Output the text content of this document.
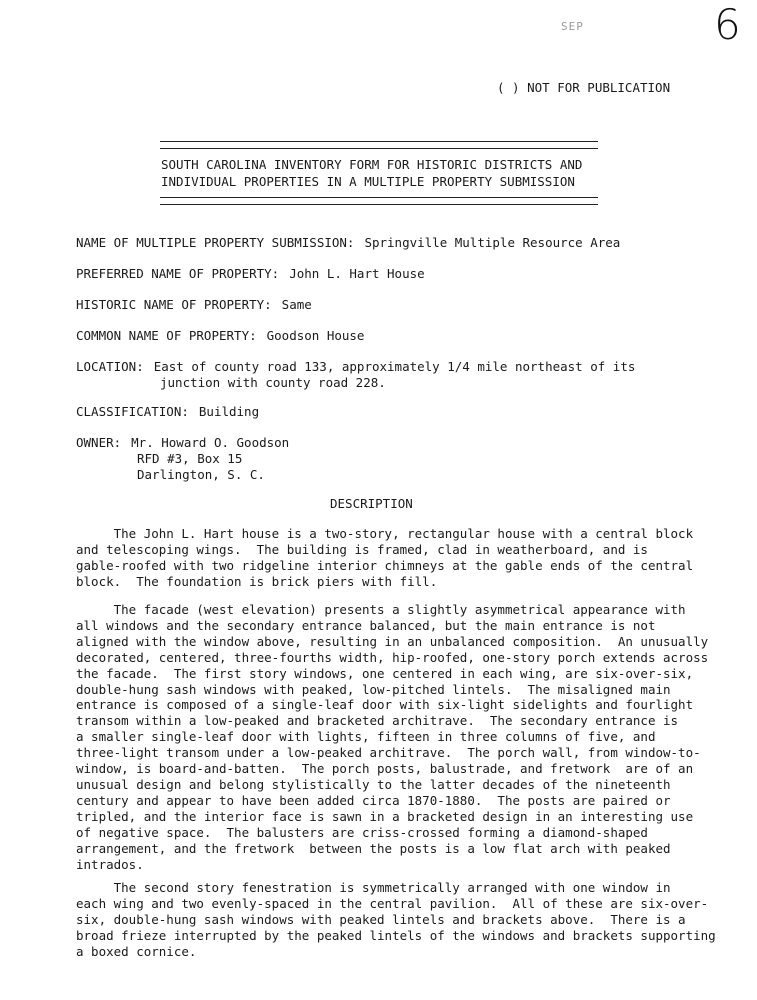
SEP	6
( ) NOT FOR PUBLICATION
SOUTH CAROLINA INVENTORY FORM FOR HISTORIC DISTRICTS AND
INDIVIDUAL PROPERTIES IN A MULTIPLE PROPERTY SUBMISSION
NAME OF MULTIPLE PROPERTY SUBMISSION: Springville Multiple Resource Area
PREFERRED NAME OF PROPERTY: John L. Hart House
HISTORIC NAME OF PROPERTY: Same
COMMON NAME OF PROPERTY: Goodson House
LOCATION: East of county road 133, approximately 1/4 mile northeast of its
junction with county road 228.
CLASSIFICATION: Building
OWNER: Mr. Howard O. Goodson
RFD #3, Box 15
Darlington, S. C.
DESCRIPTION
The John L. Hart house is a two-story, rectangular house with a central block
and telescoping wings.  The building is framed, clad in weatherboard, and is
gable-roofed with two ridgeline interior chimneys at the gable ends of the central
block.  The foundation is brick piers with fill.
The facade (west elevation) presents a slightly asymmetrical appearance with
all windows and the secondary entrance balanced, but the main entrance is not
aligned with the window above, resulting in an unbalanced composition.  An unusually
decorated, centered, three-fourths width, hip-roofed, one-story porch extends across
the facade.  The first story windows, one centered in each wing, are six-over-six,
double-hung sash windows with peaked, low-pitched lintels.  The misaligned main
entrance is composed of a single-leaf door with six-light sidelights and fourlight
transom within a low-peaked and bracketed architrave.  The secondary entrance is
a smaller single-leaf door with lights, fifteen in three columns of five, and
three-light transom under a low-peaked architrave.  The porch wall, from window-to-
window, is board-and-batten.  The porch posts, balustrade, and fretwork  are of an
unusual design and belong stylistically to the latter decades of the nineteenth
century and appear to have been added circa 1870-1880.  The posts are paired or
tripled, and the interior face is sawn in a bracketed design in an interesting use
of negative space.  The balusters are criss-crossed forming a diamond-shaped
arrangement, and the fretwork  between the posts is a low flat arch with peaked
intrados.
The second story fenestration is symmetrically arranged with one window in
each wing and two evenly-spaced in the central pavilion.  All of these are six-over-
six, double-hung sash windows with peaked lintels and brackets above.  There is a
broad frieze interrupted by the peaked lintels of the windows and brackets supporting
a boxed cornice.
